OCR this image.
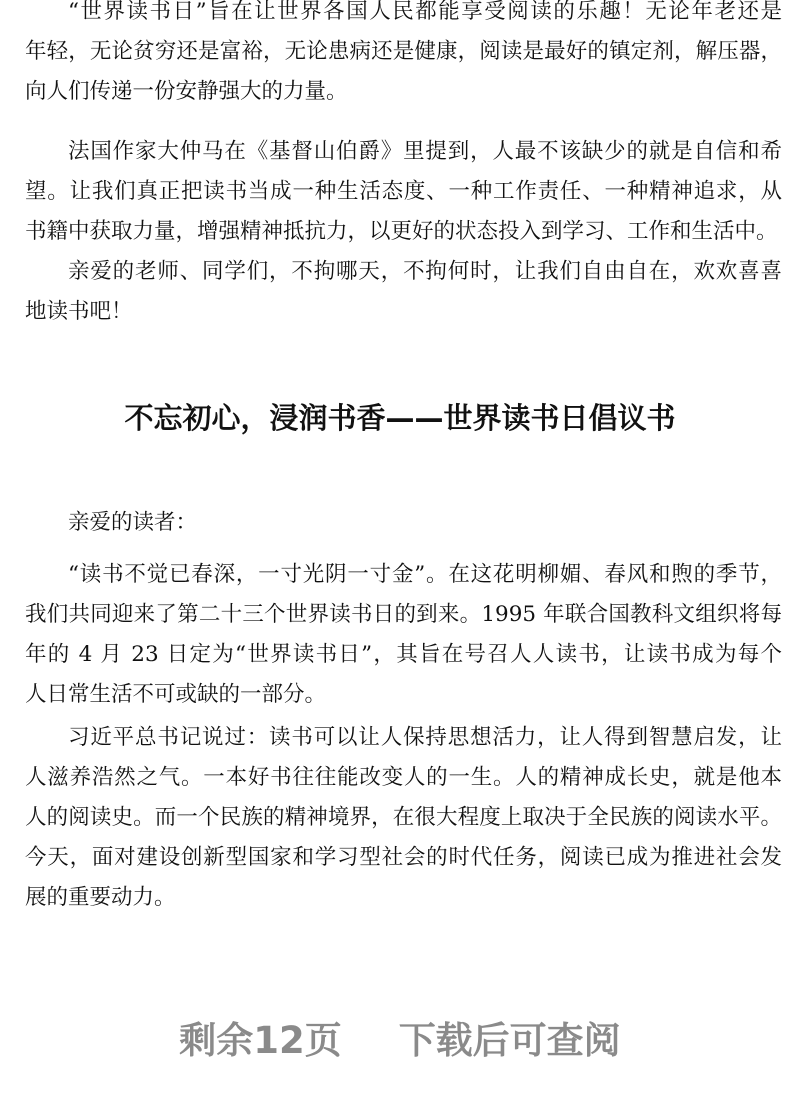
“世界读书日”旨在让世界各国人民都能享受阅读的乐趣！无论年老还是
年轻，无论贫穷还是富裕，无论患病还是健康，阅读是最好的镇定剂，解压器，
向人们传递一份安静强大的力量。
法国作家大仲马在《基督山伯爵》里提到，人最不该缺少的就是自信和希
望。让我们真正把读书当成一种生活态度、一种工作责任、一种精神追求，从
书籍中获取力量，增强精神抵抗力，以更好的状态投入到学习、工作和生活中。
亲爱的老师、同学们，不拘哪天，不拘何时，让我们自由自在，欢欢喜喜
地读书吧！
不忘初心，浸润书香——世界读书日倡议书
亲爱的读者：
“读书不觉已春深，一寸光阴一寸金”。在这花明柳媚、春风和煦的季节，
我们共同迎来了第二十三个世界读书日的到来。1995 年联合国教科文组织将每
年的 4 月 23 日定为“世界读书日”，其旨在号召人人读书，让读书成为每个
人日常生活不可或缺的一部分。
习近平总书记说过：读书可以让人保持思想活力，让人得到智慧启发，让
人滋养浩然之气。一本好书往往能改变人的一生。人的精神成长史，就是他本
人的阅读史。而一个民族的精神境界，在很大程度上取决于全民族的阅读水平。
今天，面对建设创新型国家和学习型社会的时代任务，阅读已成为推进社会发
展的重要动力。
剩余12页 下载后可查阅
